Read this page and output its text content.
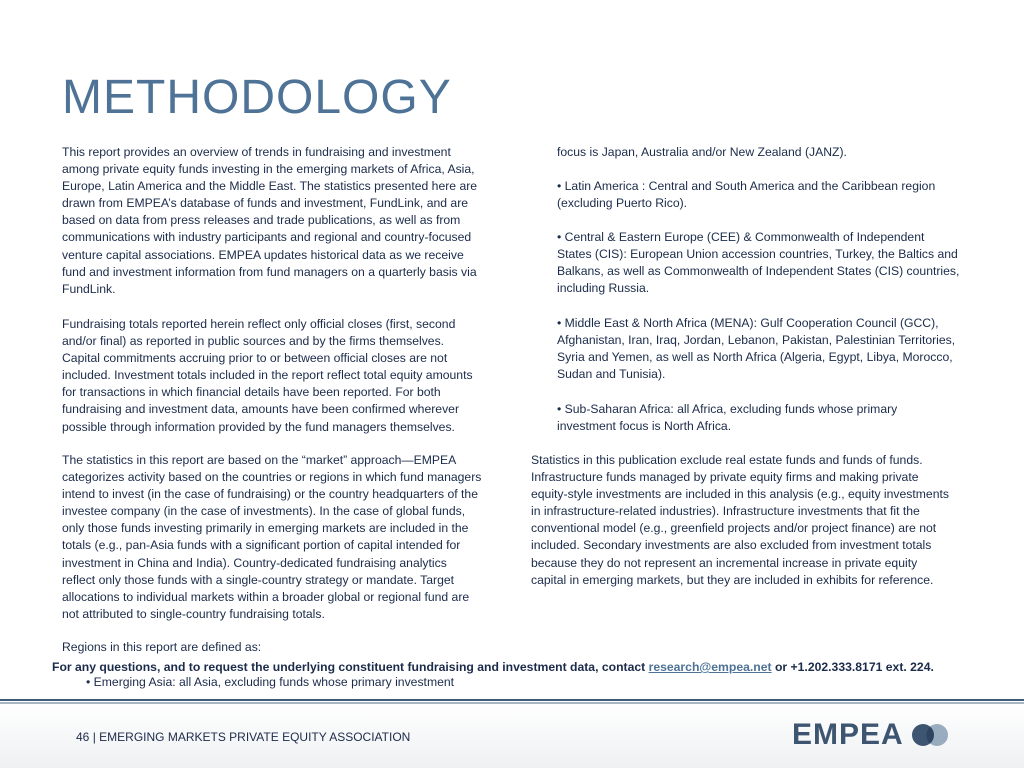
METHODOLOGY
This report provides an overview of trends in fundraising and investment
among private equity funds investing in the emerging markets of Africa, Asia,
Europe, Latin America and the Middle East. The statistics presented here are
drawn from EMPEA’s database of funds and investment, FundLink, and are
based on data from press releases and trade publications, as well as from
communications with industry participants and regional and country-focused
venture capital associations. EMPEA updates historical data as we receive
fund and investment information from fund managers on a quarterly basis via
FundLink.
Fundraising totals reported herein reflect only official closes (first, second
and/or final) as reported in public sources and by the firms themselves.
Capital commitments accruing prior to or between official closes are not
included. Investment totals included in the report reflect total equity amounts
for transactions in which financial details have been reported. For both
fundraising and investment data, amounts have been confirmed wherever
possible through information provided by the fund managers themselves.
The statistics in this report are based on the “market” approach—EMPEA
categorizes activity based on the countries or regions in which fund managers
intend to invest (in the case of fundraising) or the country headquarters of the
investee company (in the case of investments). In the case of global funds,
only those funds investing primarily in emerging markets are included in the
totals (e.g., pan-Asia funds with a significant portion of capital intended for
investment in China and India). Country-dedicated fundraising analytics
reflect only those funds with a single-country strategy or mandate. Target
allocations to individual markets within a broader global or regional fund are
not attributed to single-country fundraising totals.
Regions in this report are defined as:
focus is Japan, Australia and/or New Zealand (JANZ).
• Latin America : Central and South America and the Caribbean region
(excluding Puerto Rico).
• Central & Eastern Europe (CEE) & Commonwealth of Independent
States (CIS): European Union accession countries, Turkey, the Baltics and
Balkans, as well as Commonwealth of Independent States (CIS) countries,
including Russia.
• Middle East & North Africa (MENA): Gulf Cooperation Council (GCC),
Afghanistan, Iran, Iraq, Jordan, Lebanon, Pakistan, Palestinian Territories,
Syria and Yemen, as well as North Africa (Algeria, Egypt, Libya, Morocco,
Sudan and Tunisia).
• Sub-Saharan Africa: all Africa, excluding funds whose primary
investment focus is North Africa.
Statistics in this publication exclude real estate funds and funds of funds.
Infrastructure funds managed by private equity firms and making private
equity-style investments are included in this analysis (e.g., equity investments
in infrastructure-related industries). Infrastructure investments that fit the
conventional model (e.g., greenfield projects and/or project finance) are not
included. Secondary investments are also excluded from investment totals
because they do not represent an incremental increase in private equity
capital in emerging markets, but they are included in exhibits for reference.
For any questions, and to request the underlying constituent fundraising and investment data, contact research@empea.net or +1.202.333.8171 ext. 224.
• Emerging Asia: all Asia, excluding funds whose primary investment
46 | EMERGING MARKETS PRIVATE EQUITY ASSOCIATION	EMPEA
